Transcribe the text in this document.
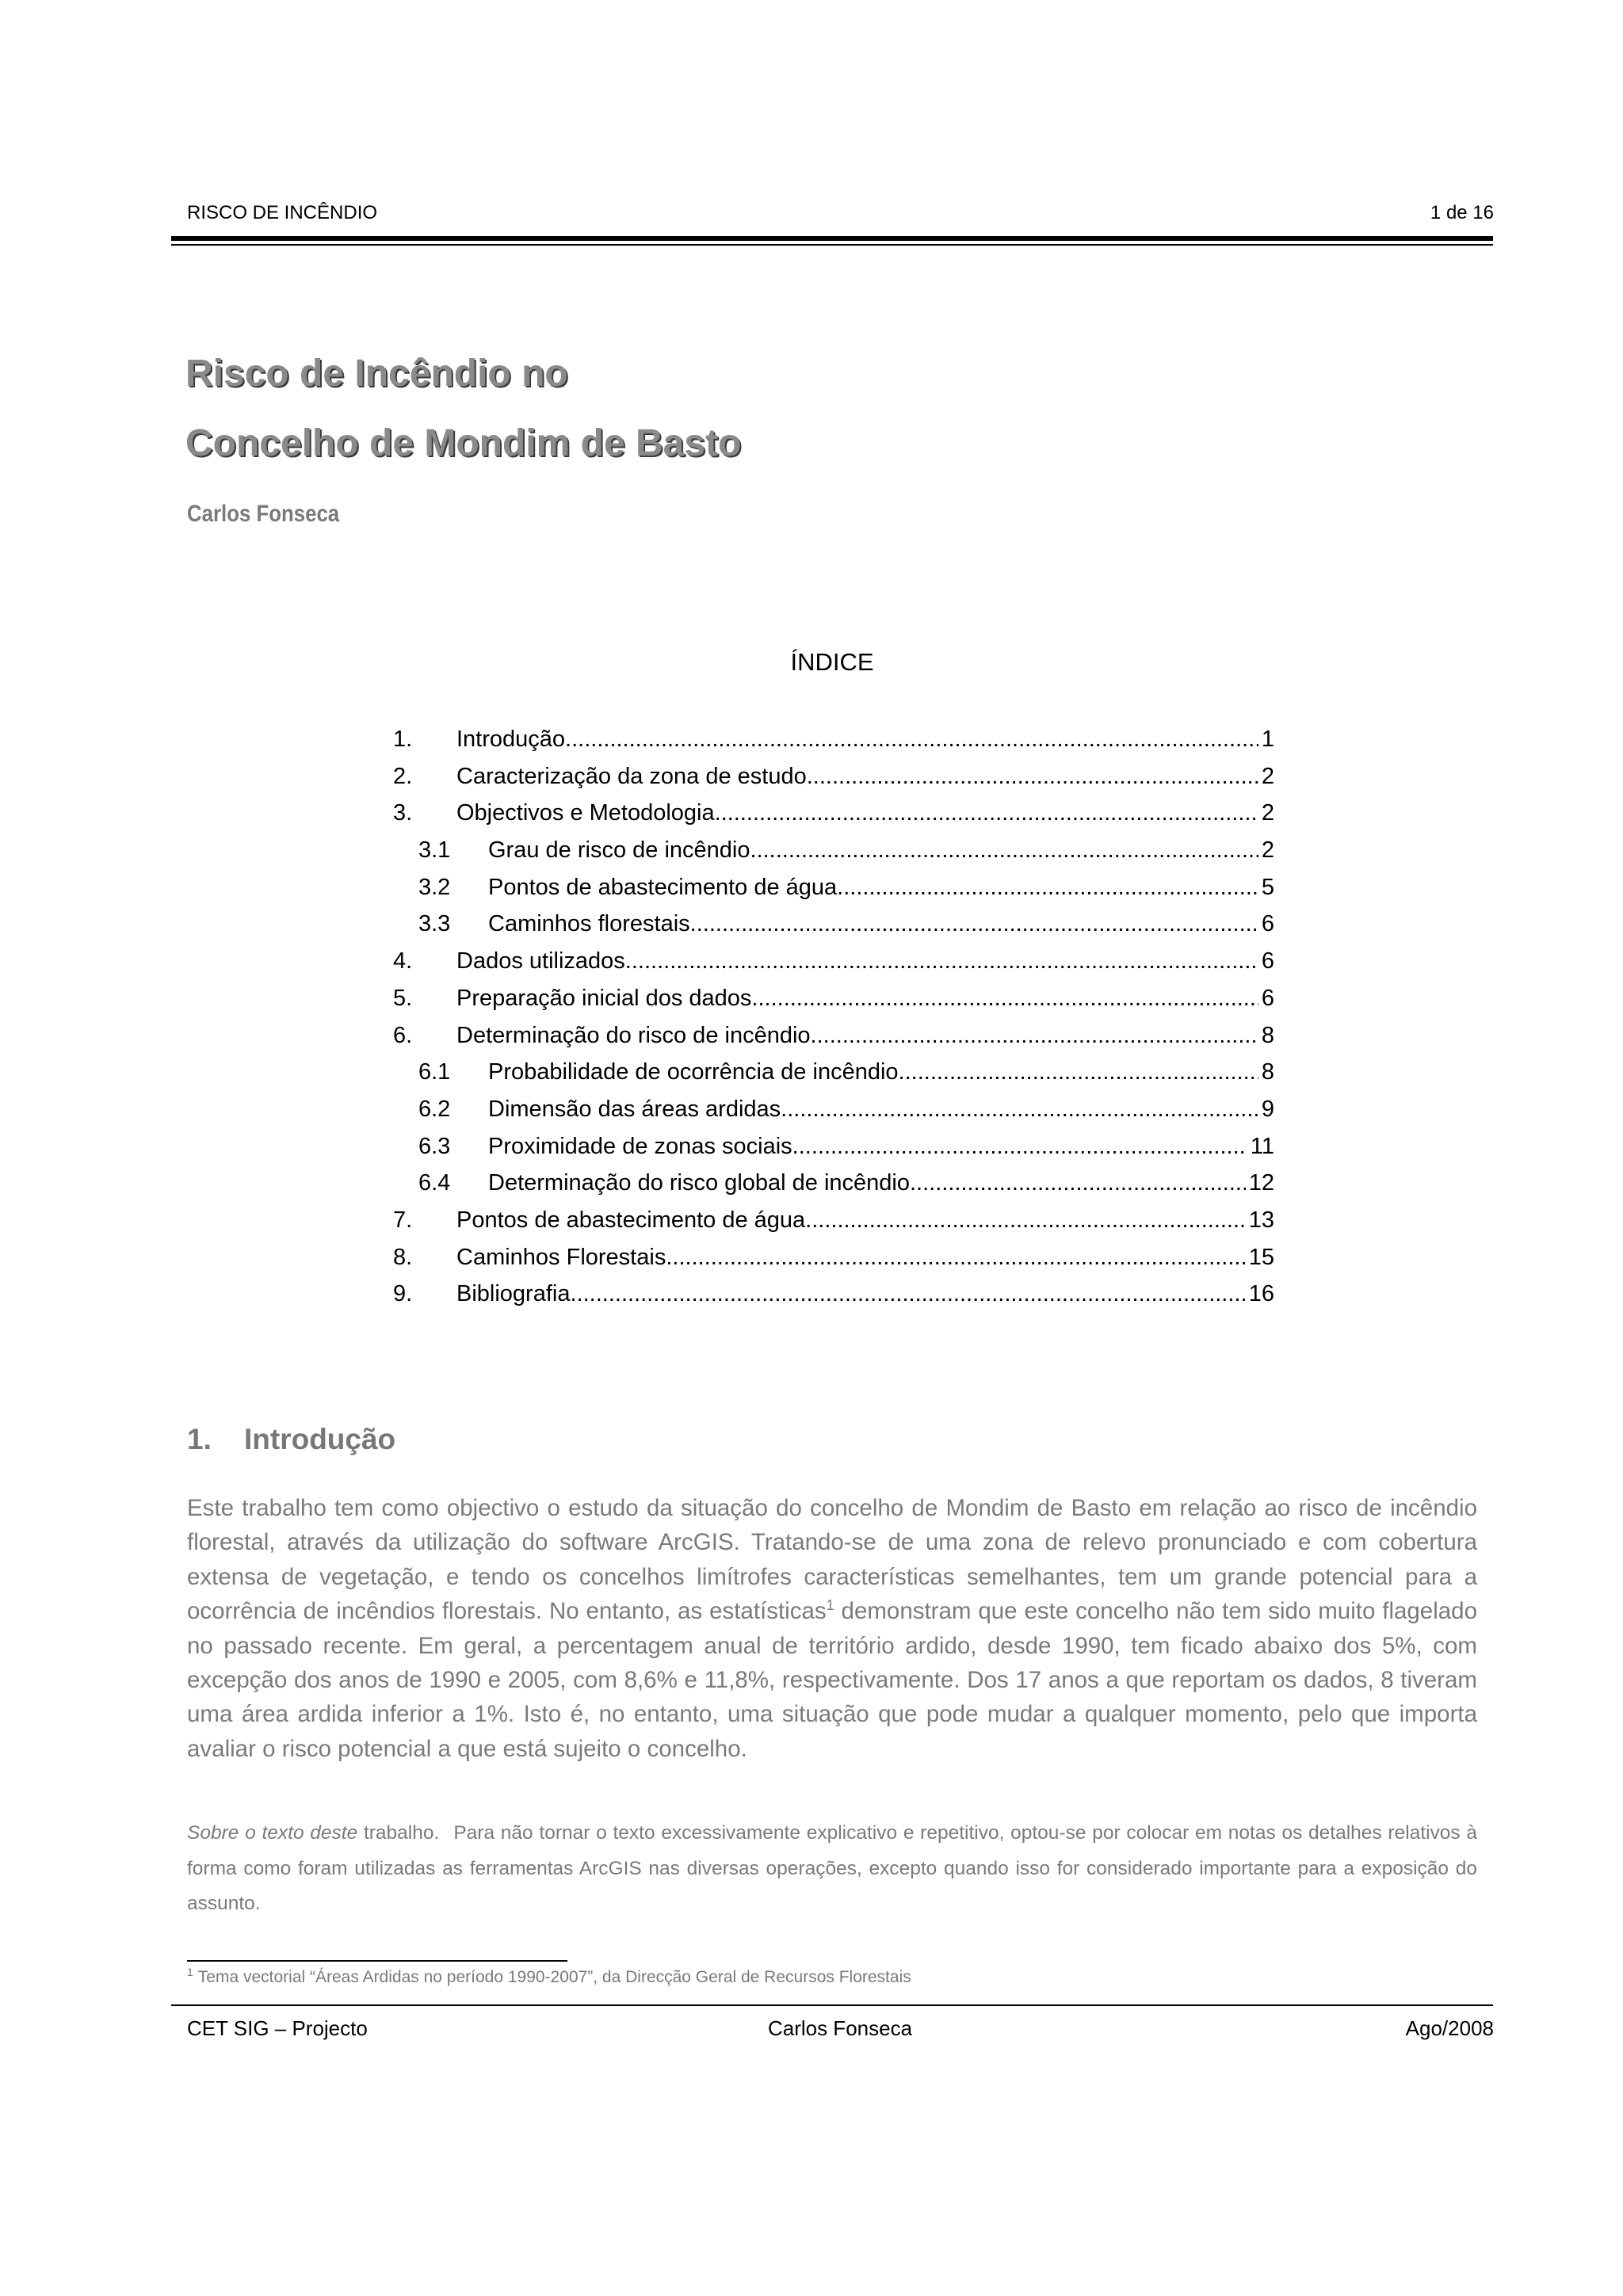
RISCO DE INCÊNDIO	1 de 16
Risco de Incêndio no
Concelho de Mondim de Basto
Carlos Fonseca
ÍNDICE
1. Introdução .....	1
2. Caracterização da zona de estudo .....	2
3. Objectivos e Metodologia .....	2
3.1 Grau de risco de incêndio .....	2
3.2 Pontos de abastecimento de água .....	5
3.3 Caminhos florestais .....	6
4. Dados utilizados .....	6
5. Preparação inicial dos dados .....	6
6. Determinação do risco de incêndio .....	8
6.1 Probabilidade de ocorrência de incêndio .....	8
6.2 Dimensão das áreas ardidas .....	9
6.3 Proximidade de zonas sociais .....	11
6.4 Determinação do risco global de incêndio .....	12
7. Pontos de abastecimento de água .....	13
8. Caminhos Florestais .....	15
9. Bibliografia .....	16
1. Introdução
Este trabalho tem como objectivo o estudo da situação do concelho de Mondim de Basto em relação ao risco de incêndio florestal, através da utilização do software ArcGIS. Tratando-se de uma zona de relevo pronunciado e com cobertura extensa de vegetação, e tendo os concelhos limítrofes características semelhantes, tem um grande potencial para a ocorrência de incêndios florestais. No entanto, as estatísticas$^1$ demonstram que este concelho não tem sido muito flagelado no passado recente. Em geral, a percentagem anual de território ardido, desde 1990, tem ficado abaixo dos 5%, com excepção dos anos de 1990 e 2005, com 8,6% e 11,8%, respectivamente. Dos 17 anos a que reportam os dados, 8 tiveram uma área ardida inferior a 1%. Isto é, no entanto, uma situação que pode mudar a qualquer momento, pelo que importa avaliar o risco potencial a que está sujeito o concelho.
Sobre o texto deste trabalho. Para não tornar o texto excessivamente explicativo e repetitivo, optou-se por colocar em notas os detalhes relativos à forma como foram utilizadas as ferramentas ArcGIS nas diversas operações, excepto quando isso for considerado importante para a exposição do assunto.
$^1$ Tema vectorial “Áreas Ardidas no período 1990-2007”, da Direcção Geral de Recursos Florestais
CET SIG – Projecto	Carlos Fonseca	Ago/2008
